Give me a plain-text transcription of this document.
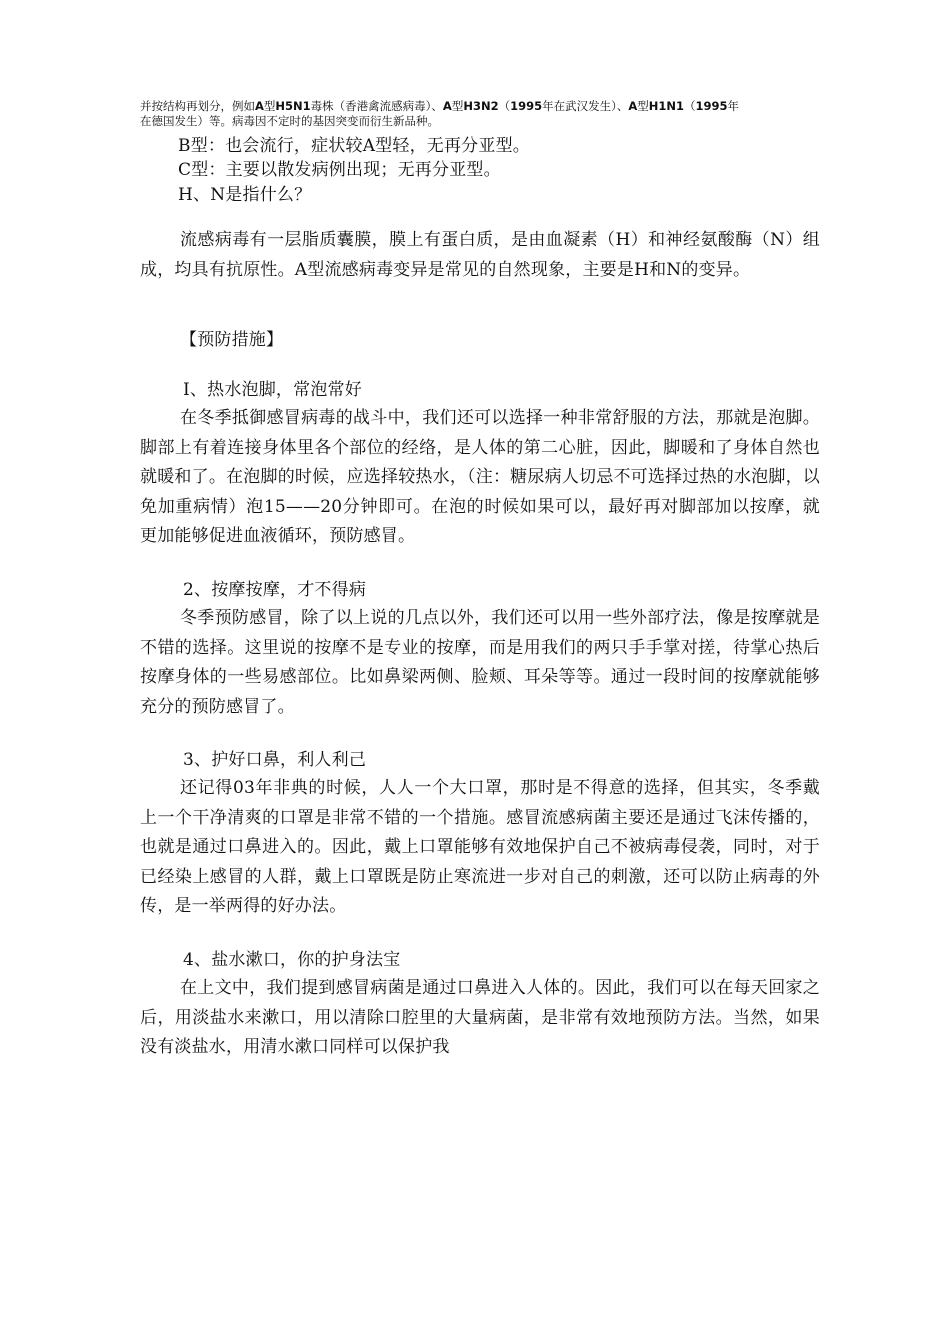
并按结构再划分，例如A型H5N1毒株（香港禽流感病毒）、A型H3N2（1995年在武汉发生）、A型H1N1（1995年
在德国发生）等。病毒因不定时的基因突变而衍生新品种。
B型：也会流行，症状较A型轻，无再分亚型。
C型：主要以散发病例出现；无再分亚型。
H、N是指什么？
流感病毒有一层脂质囊膜，膜上有蛋白质，是由血凝素（H）和神经氨酸酶（N）组成，均具有抗原性。A型流感病毒变异是常见的自然现象，主要是H和N的变异。
【预防措施】
I、热水泡脚，常泡常好
在冬季抵御感冒病毒的战斗中，我们还可以选择一种非常舒服的方法，那就是泡脚。脚部上有着连接身体里各个部位的经络，是人体的第二心脏，因此，脚暖和了身体自然也就暖和了。在泡脚的时候，应选择较热水，（注：糖尿病人切忌不可选择过热的水泡脚，以免加重病情）泡15——20分钟即可。在泡的时候如果可以，最好再对脚部加以按摩，就更加能够促进血液循环，预防感冒。
2、按摩按摩，才不得病
冬季预防感冒，除了以上说的几点以外，我们还可以用一些外部疗法，像是按摩就是不错的选择。这里说的按摩不是专业的按摩，而是用我们的两只手手掌对搓，待掌心热后按摩身体的一些易感部位。比如鼻梁两侧、脸颊、耳朵等等。通过一段时间的按摩就能够充分的预防感冒了。
3、护好口鼻，利人利己
还记得03年非典的时候，人人一个大口罩，那时是不得意的选择，但其实，冬季戴上一个干净清爽的口罩是非常不错的一个措施。感冒流感病菌主要还是通过飞沫传播的，也就是通过口鼻进入的。因此，戴上口罩能够有效地保护自己不被病毒侵袭，同时，对于已经染上感冒的人群，戴上口罩既是防止寒流进一步对自己的刺激，还可以防止病毒的外传，是一举两得的好办法。
4、盐水漱口，你的护身法宝
在上文中，我们提到感冒病菌是通过口鼻进入人体的。因此，我们可以在每天回家之后，用淡盐水来漱口，用以清除口腔里的大量病菌，是非常有效地预防方法。当然，如果没有淡盐水，用清水漱口同样可以保护我
